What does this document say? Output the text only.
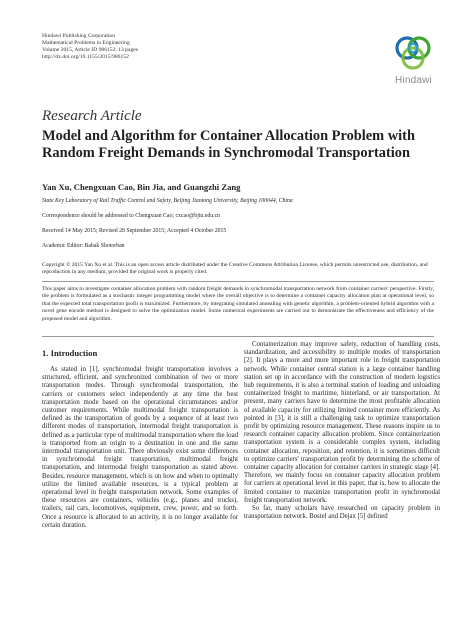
Hindawi Publishing Corporation
Mathematical Problems in Engineering
Volume 2015, Article ID 986152, 13 pages
http://dx.doi.org/10.1155/2015/986152
Hindawi
Research Article
Model and Algorithm for Container Allocation Problem with Random Freight Demands in Synchromodal Transportation
Yan Xu, Chengxuan Cao, Bin Jia, and Guangzhi Zang
State Key Laboratory of Rail Traffic Control and Safety, Beijing Jiaotong University, Beijing 100044, China
Correspondence should be addressed to Chengxuan Cao; cxcao@bjtu.edu.cn
Received 14 May 2015; Revised 28 September 2015; Accepted 4 October 2015
Academic Editor: Babak Shotorban
Copyright © 2015 Yan Xu et al. This is an open access article distributed under the Creative Commons Attribution License, which permits unrestricted use, distribution, and reproduction in any medium, provided the original work is properly cited.
This paper aims to investigate container allocation problem with random freight demands in synchromodal transportation network from container carriers' perspective. Firstly, the problem is formulated as a stochastic integer programming model where the overall objective is to determine a container capacity allocation plan at operational level, so that the expected total transportation profit is maximized. Furthermore, by integrating simulated annealing with genetic algorithm, a problem-oriented hybrid algorithm with a novel gene encode method is designed to solve the optimization model. Some numerical experiments are carried out to demonstrate the effectiveness and efficiency of the proposed model and algorithm.
1. Introduction

As stated in [1], synchromodal freight transportation involves a structured, efficient, and synchronized combination of two or more transportation modes. Through synchromodal transportation, the carriers or customers select independently at any time the best transportation mode based on the operational circumstances and/or customer requirements. While multimodal freight transportation is defined as the transportation of goods by a sequence of at least two different modes of transportation, intermodal freight transportation is defined as a particular type of multimodal transportation where the load is transported from an origin to a destination in one and the same intermodal transportation unit. There obviously exist some differences in synchromodal freight transportation, multimodal freight transportation, and intermodal freight transportation as stated above. Besides, resource management, which is on how and when to optimally utilize the limited available resources, is a typical problem at operational level in freight transportation network. Some examples of these resources are containers, vehicles (e.g., planes and trucks), trailers, rail cars, locomotives, equipment, crew, power, and so forth. Once a resource is allocated to an activity, it is no longer available for certain duration.

Containerization may improve safety, reduction of handling costs, standardization, and accessibility to multiple modes of transportation [2]. It plays a more and more important role in freight transportation network. While container central station is a large container handling station set up in accordance with the construction of modern logistics hub requirements, it is also a terminal station of loading and unloading containerized freight to maritime, hinterland, or air transportation. At present, many carriers have to determine the most profitable allocation of available capacity for utilizing limited container more efficiently. As pointed in [3], it is still a challenging task to optimize transportation profit by optimizing resource management. These reasons inspire us to research container capacity allocation problem. Since containerization transportation system is a considerable complex system, including container allocation, reposition, and retention, it is sometimes difficult to optimize carriers' transportation profit by determining the scheme of container capacity allocation for container carriers in strategic stage [4]. Therefore, we mainly focus on container capacity allocation problem for carriers at operational level in this paper, that is, how to allocate the limited container to maximize transportation profit in synchromodal freight transportation network.

So far, many scholars have researched on capacity problem in transportation network. Bostel and Dejax [5] defined
